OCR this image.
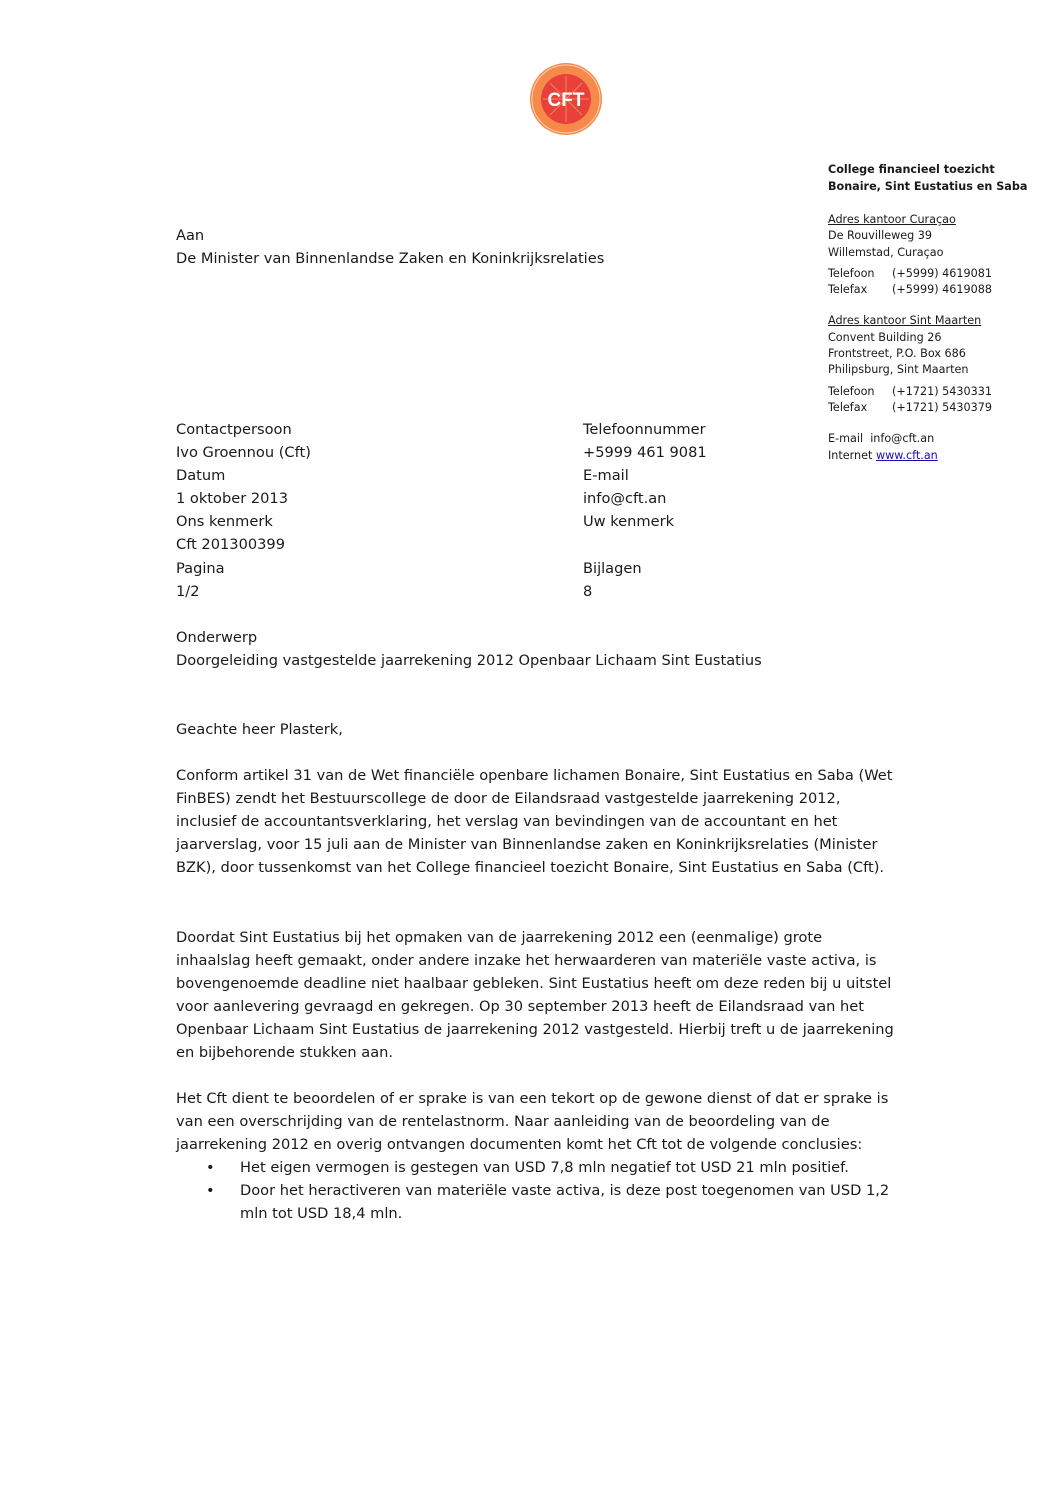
CFT
College financieel toezicht Bonaire, Sint Eustatius en Saba
Adres kantoor Curaçao
De Rouvilleweg 39
Willemstad, Curaçao
Telefoon	(+5999) 4619081
Telefax	(+5999) 4619088
Adres kantoor Sint Maarten
Convent Building 26
Frontstreet, P.O. Box 686
Philipsburg, Sint Maarten
Telefoon	(+1721) 5430331
Telefax	(+1721) 5430379
E-mail info@cft.an
Internet www.cft.an
Aan
De Minister van Binnenlandse Zaken en Koninkrijksrelaties
Contactpersoon	Telefoonnummer
Ivo Groennou (Cft)	+5999 461 9081
Datum	E-mail
1 oktober 2013	info@cft.an
Ons kenmerk	Uw kenmerk
Cft 201300399
Pagina	Bijlagen
1/2	8
Onderwerp
Doorgeleiding vastgestelde jaarrekening 2012 Openbaar Lichaam Sint Eustatius
Geachte heer Plasterk,
Conform artikel 31 van de Wet financiële openbare lichamen Bonaire, Sint Eustatius en Saba (Wet FinBES) zendt het Bestuurscollege de door de Eilandsraad vastgestelde jaarrekening 2012, inclusief de accountantsverklaring, het verslag van bevindingen van de accountant en het jaarverslag, voor 15 juli aan de Minister van Binnenlandse zaken en Koninkrijksrelaties (Minister BZK), door tussenkomst van het College financieel toezicht Bonaire, Sint Eustatius en Saba (Cft).
Doordat Sint Eustatius bij het opmaken van de jaarrekening 2012 een (eenmalige) grote inhaalslag heeft gemaakt, onder andere inzake het herwaarderen van materiële vaste activa, is bovengenoemde deadline niet haalbaar gebleken. Sint Eustatius heeft om deze reden bij u uitstel voor aanlevering gevraagd en gekregen. Op 30 september 2013 heeft de Eilandsraad van het Openbaar Lichaam Sint Eustatius de jaarrekening 2012 vastgesteld. Hierbij treft u de jaarrekening en bijbehorende stukken aan.
Het Cft dient te beoordelen of er sprake is van een tekort op de gewone dienst of dat er sprake is van een overschrijding van de rentelastnorm. Naar aanleiding van de beoordeling van de jaarrekening 2012 en overig ontvangen documenten komt het Cft tot de volgende conclusies:
• Het eigen vermogen is gestegen van USD 7,8 mln negatief tot USD 21 mln positief.
• Door het heractiveren van materiële vaste activa, is deze post toegenomen van USD 1,2 mln tot USD 18,4 mln.
